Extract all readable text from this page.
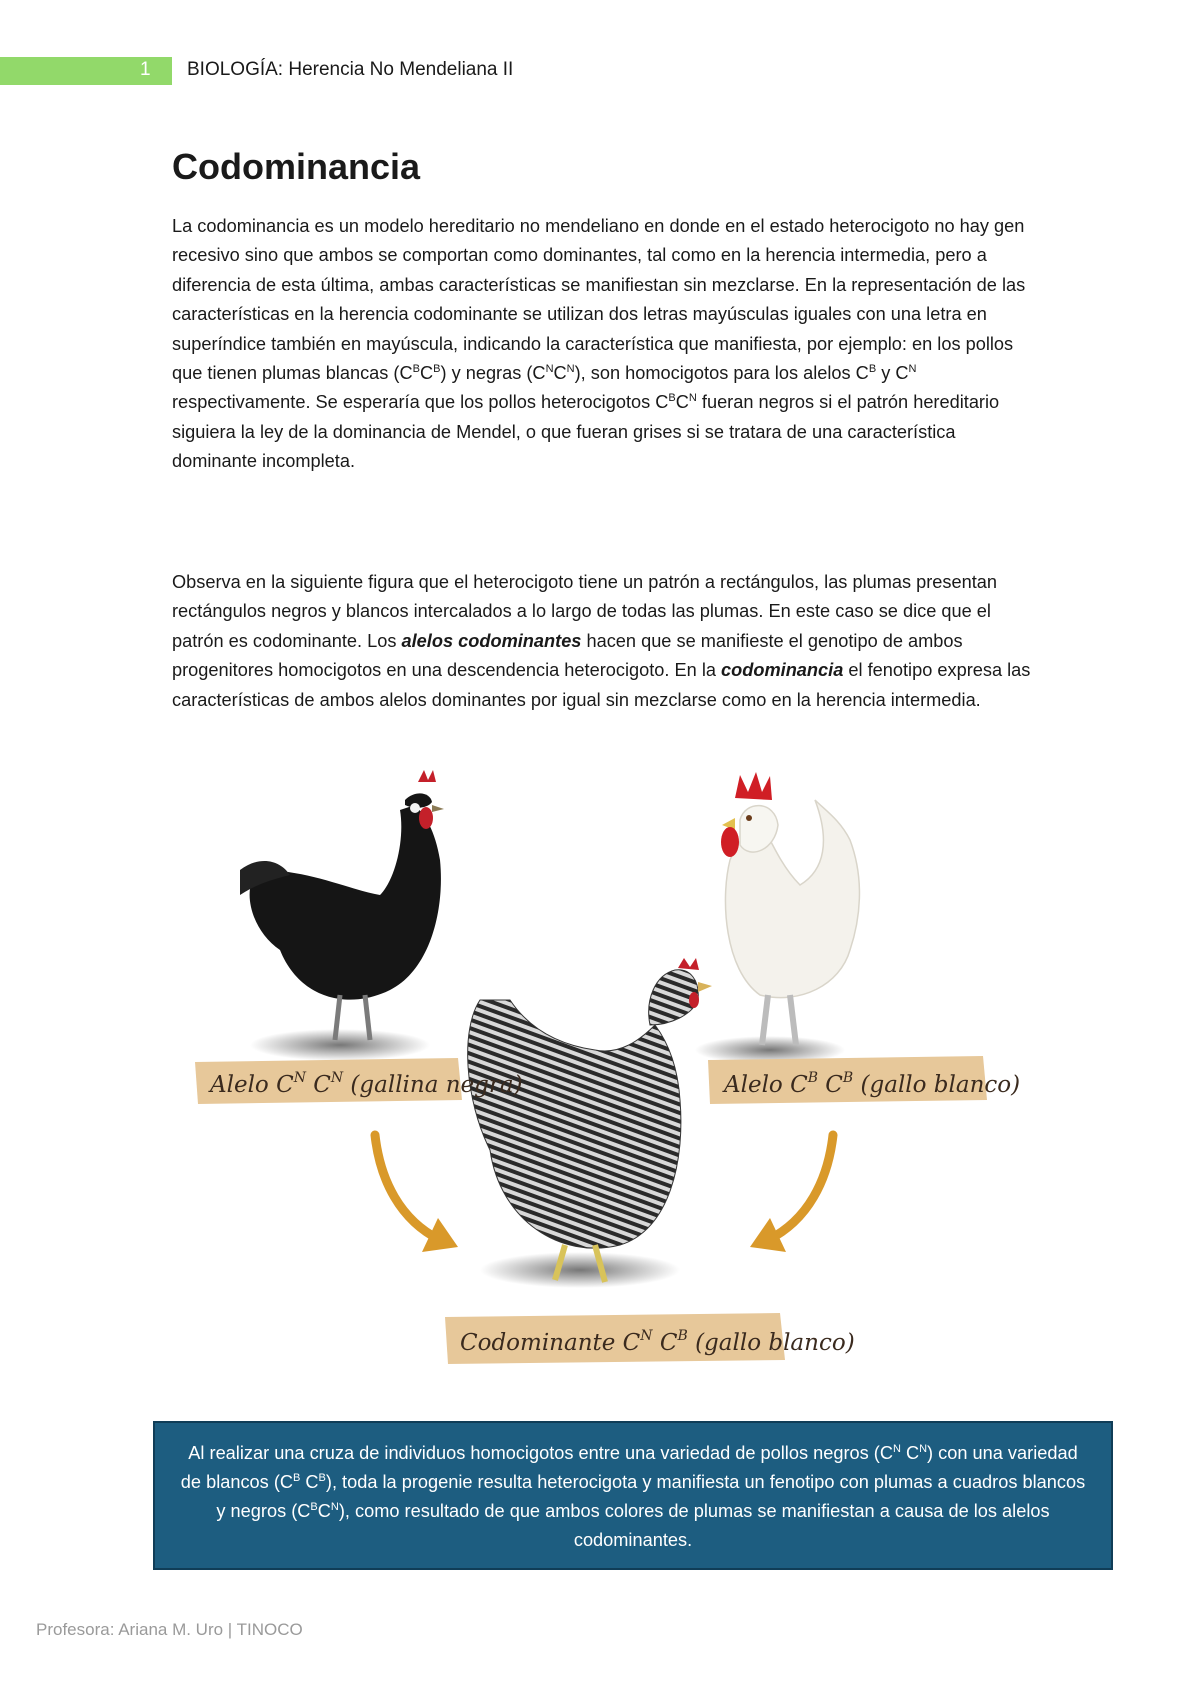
1	BIOLOGÍA: Herencia No Mendeliana II
Codominancia

La codominancia es un modelo hereditario no mendeliano en donde en el estado heterocigoto no hay gen recesivo sino que ambos se comportan como dominantes, tal como en la herencia intermedia, pero a diferencia de esta última, ambas características se manifiestan sin mezclarse. En la representación de las características en la herencia codominante se utilizan dos letras mayúsculas iguales con una letra en superíndice también en mayúscula, indicando la característica que manifiesta, por ejemplo: en los pollos que tienen plumas blancas $(C^BC^B)$ y negras $(C^NC^N)$, son homocigotos para los alelos $C^B$ y $C^N$ respectivamente. Se esperaría que los pollos heterocigotos $C^BC^N$ fueran negros si el patrón hereditario siguiera la ley de la dominancia de Mendel, o que fueran grises si se tratara de una característica dominante incompleta.

Observa en la siguiente figura que el heterocigoto tiene un patrón a rectángulos, las plumas presentan rectángulos negros y blancos intercalados a lo largo de todas las plumas. En este caso se dice que el patrón es codominante. Los alelos codominantes hacen que se manifieste el genotipo de ambos progenitores homocigotos en una descendencia heterocigoto. En la codominancia el fenotipo expresa las características de ambos alelos dominantes por igual sin mezclarse como en la herencia intermedia.

Alelo $C^N$ $C^N$ (gallina negra)	Alelo $C^B$ $C^B$ (gallo blanco)
Codominante $C^N$ $C^B$ (gallo blanco)
Al realizar una cruza de individuos homocigotos entre una variedad de pollos negros ($C^N$ $C^N$) con una variedad de blancos ($C^B$ $C^B$), toda la progenie resulta heterocigota y manifiesta un fenotipo con plumas a cuadros blancos y negros $(C^BC^N)$, como resultado de que ambos colores de plumas se manifiestan a causa de los alelos codominantes.
Profesora: Ariana M. Uro | TINOCO
